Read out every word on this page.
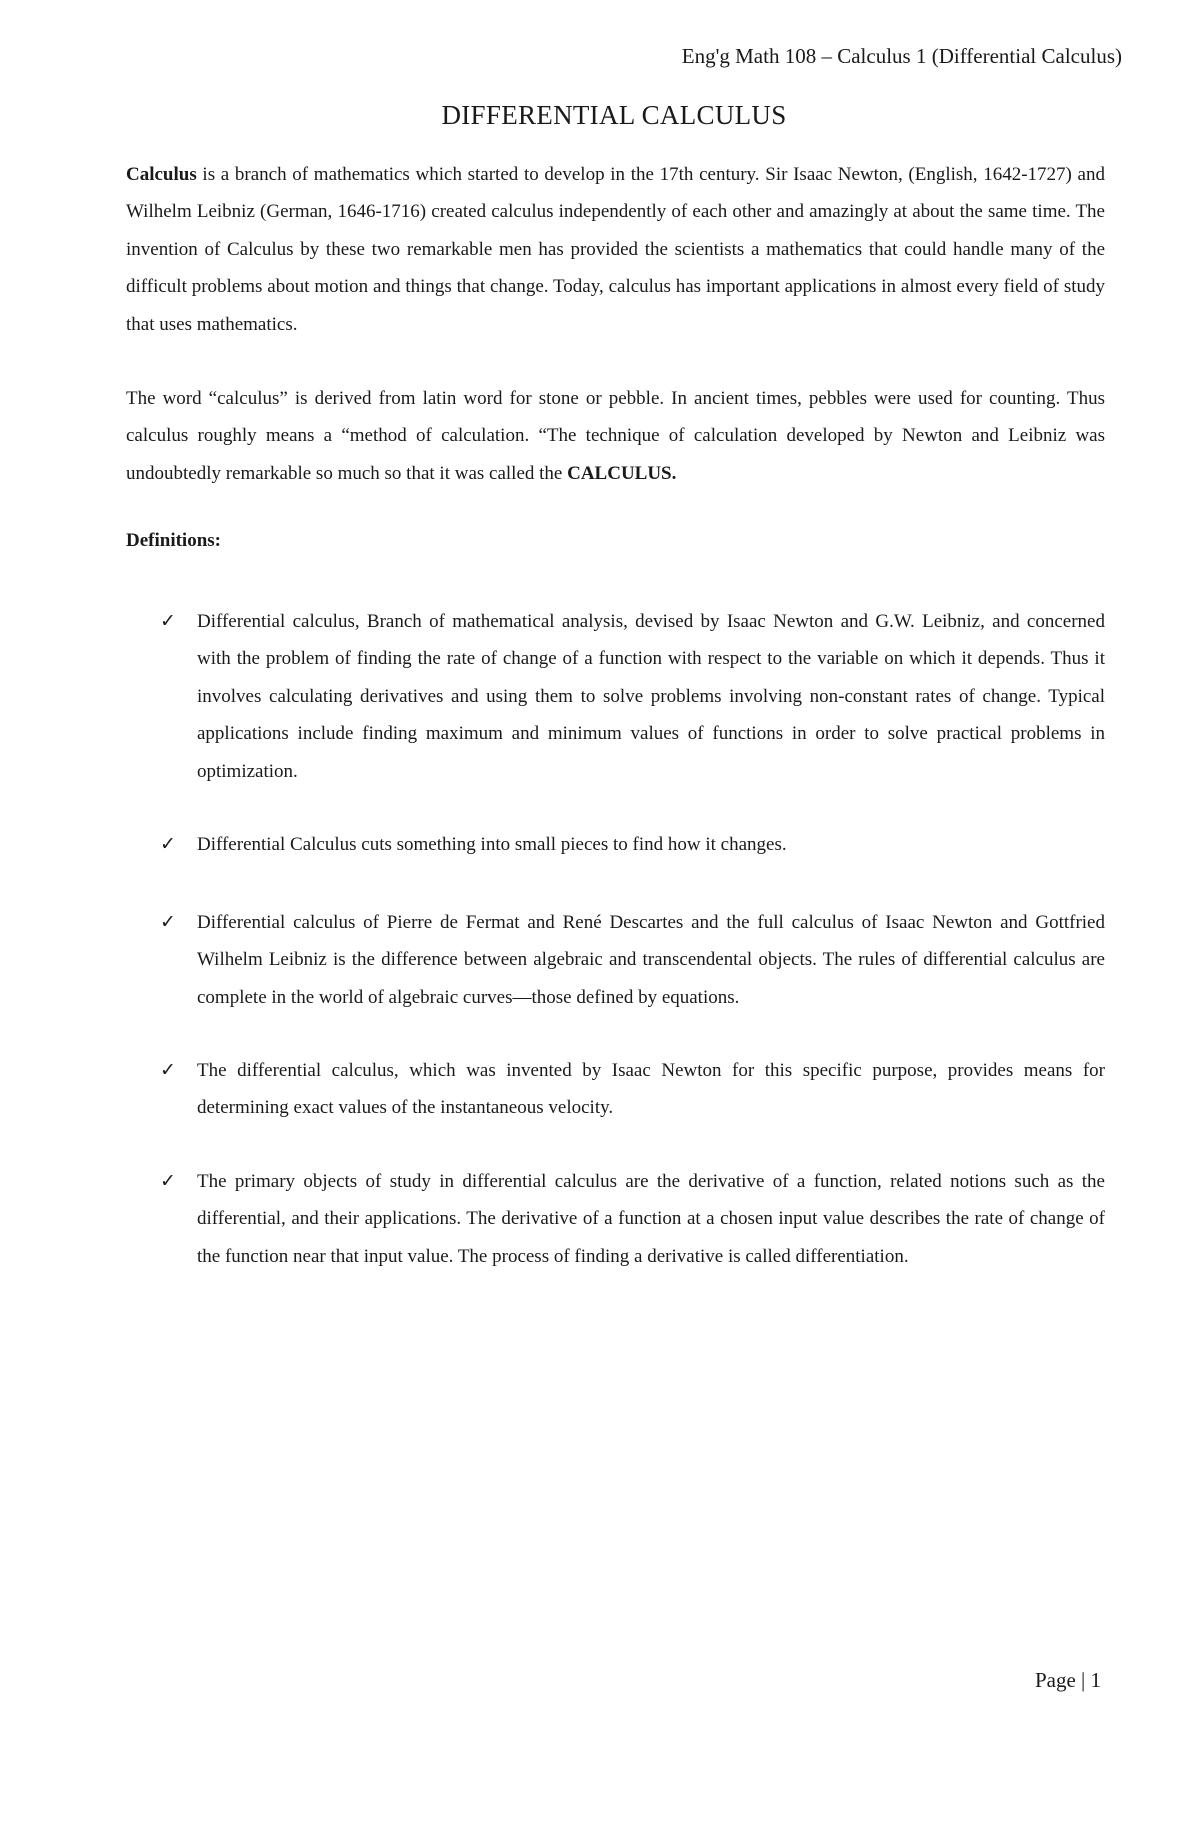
Eng'g Math 108 – Calculus 1 (Differential Calculus)
DIFFERENTIAL CALCULUS

Calculus is a branch of mathematics which started to develop in the 17th century. Sir Isaac Newton, (English, 1642-1727) and Wilhelm Leibniz (German, 1646-1716) created calculus independently of each other and amazingly at about the same time. The invention of Calculus by these two remarkable men has provided the scientists a mathematics that could handle many of the difficult problems about motion and things that change. Today, calculus has important applications in almost every field of study that uses mathematics.

The word “calculus” is derived from latin word for stone or pebble. In ancient times, pebbles were used for counting. Thus calculus roughly means a “method of calculation. “The technique of calculation developed by Newton and Leibniz was undoubtedly remarkable so much so that it was called the CALCULUS.

Definitions:

✓ Differential calculus, Branch of mathematical analysis, devised by Isaac Newton and G.W. Leibniz, and concerned with the problem of finding the rate of change of a function with respect to the variable on which it depends. Thus it involves calculating derivatives and using them to solve problems involving non-constant rates of change. Typical applications include finding maximum and minimum values of functions in order to solve practical problems in optimization.

✓ Differential Calculus cuts something into small pieces to find how it changes.

✓ Differential calculus of Pierre de Fermat and René Descartes and the full calculus of Isaac Newton and Gottfried Wilhelm Leibniz is the difference between algebraic and transcendental objects. The rules of differential calculus are complete in the world of algebraic curves—those defined by equations.

✓ The differential calculus, which was invented by Isaac Newton for this specific purpose, provides means for determining exact values of the instantaneous velocity.

✓ The primary objects of study in differential calculus are the derivative of a function, related notions such as the differential, and their applications. The derivative of a function at a chosen input value describes the rate of change of the function near that input value. The process of finding a derivative is called differentiation.

Page | 1
